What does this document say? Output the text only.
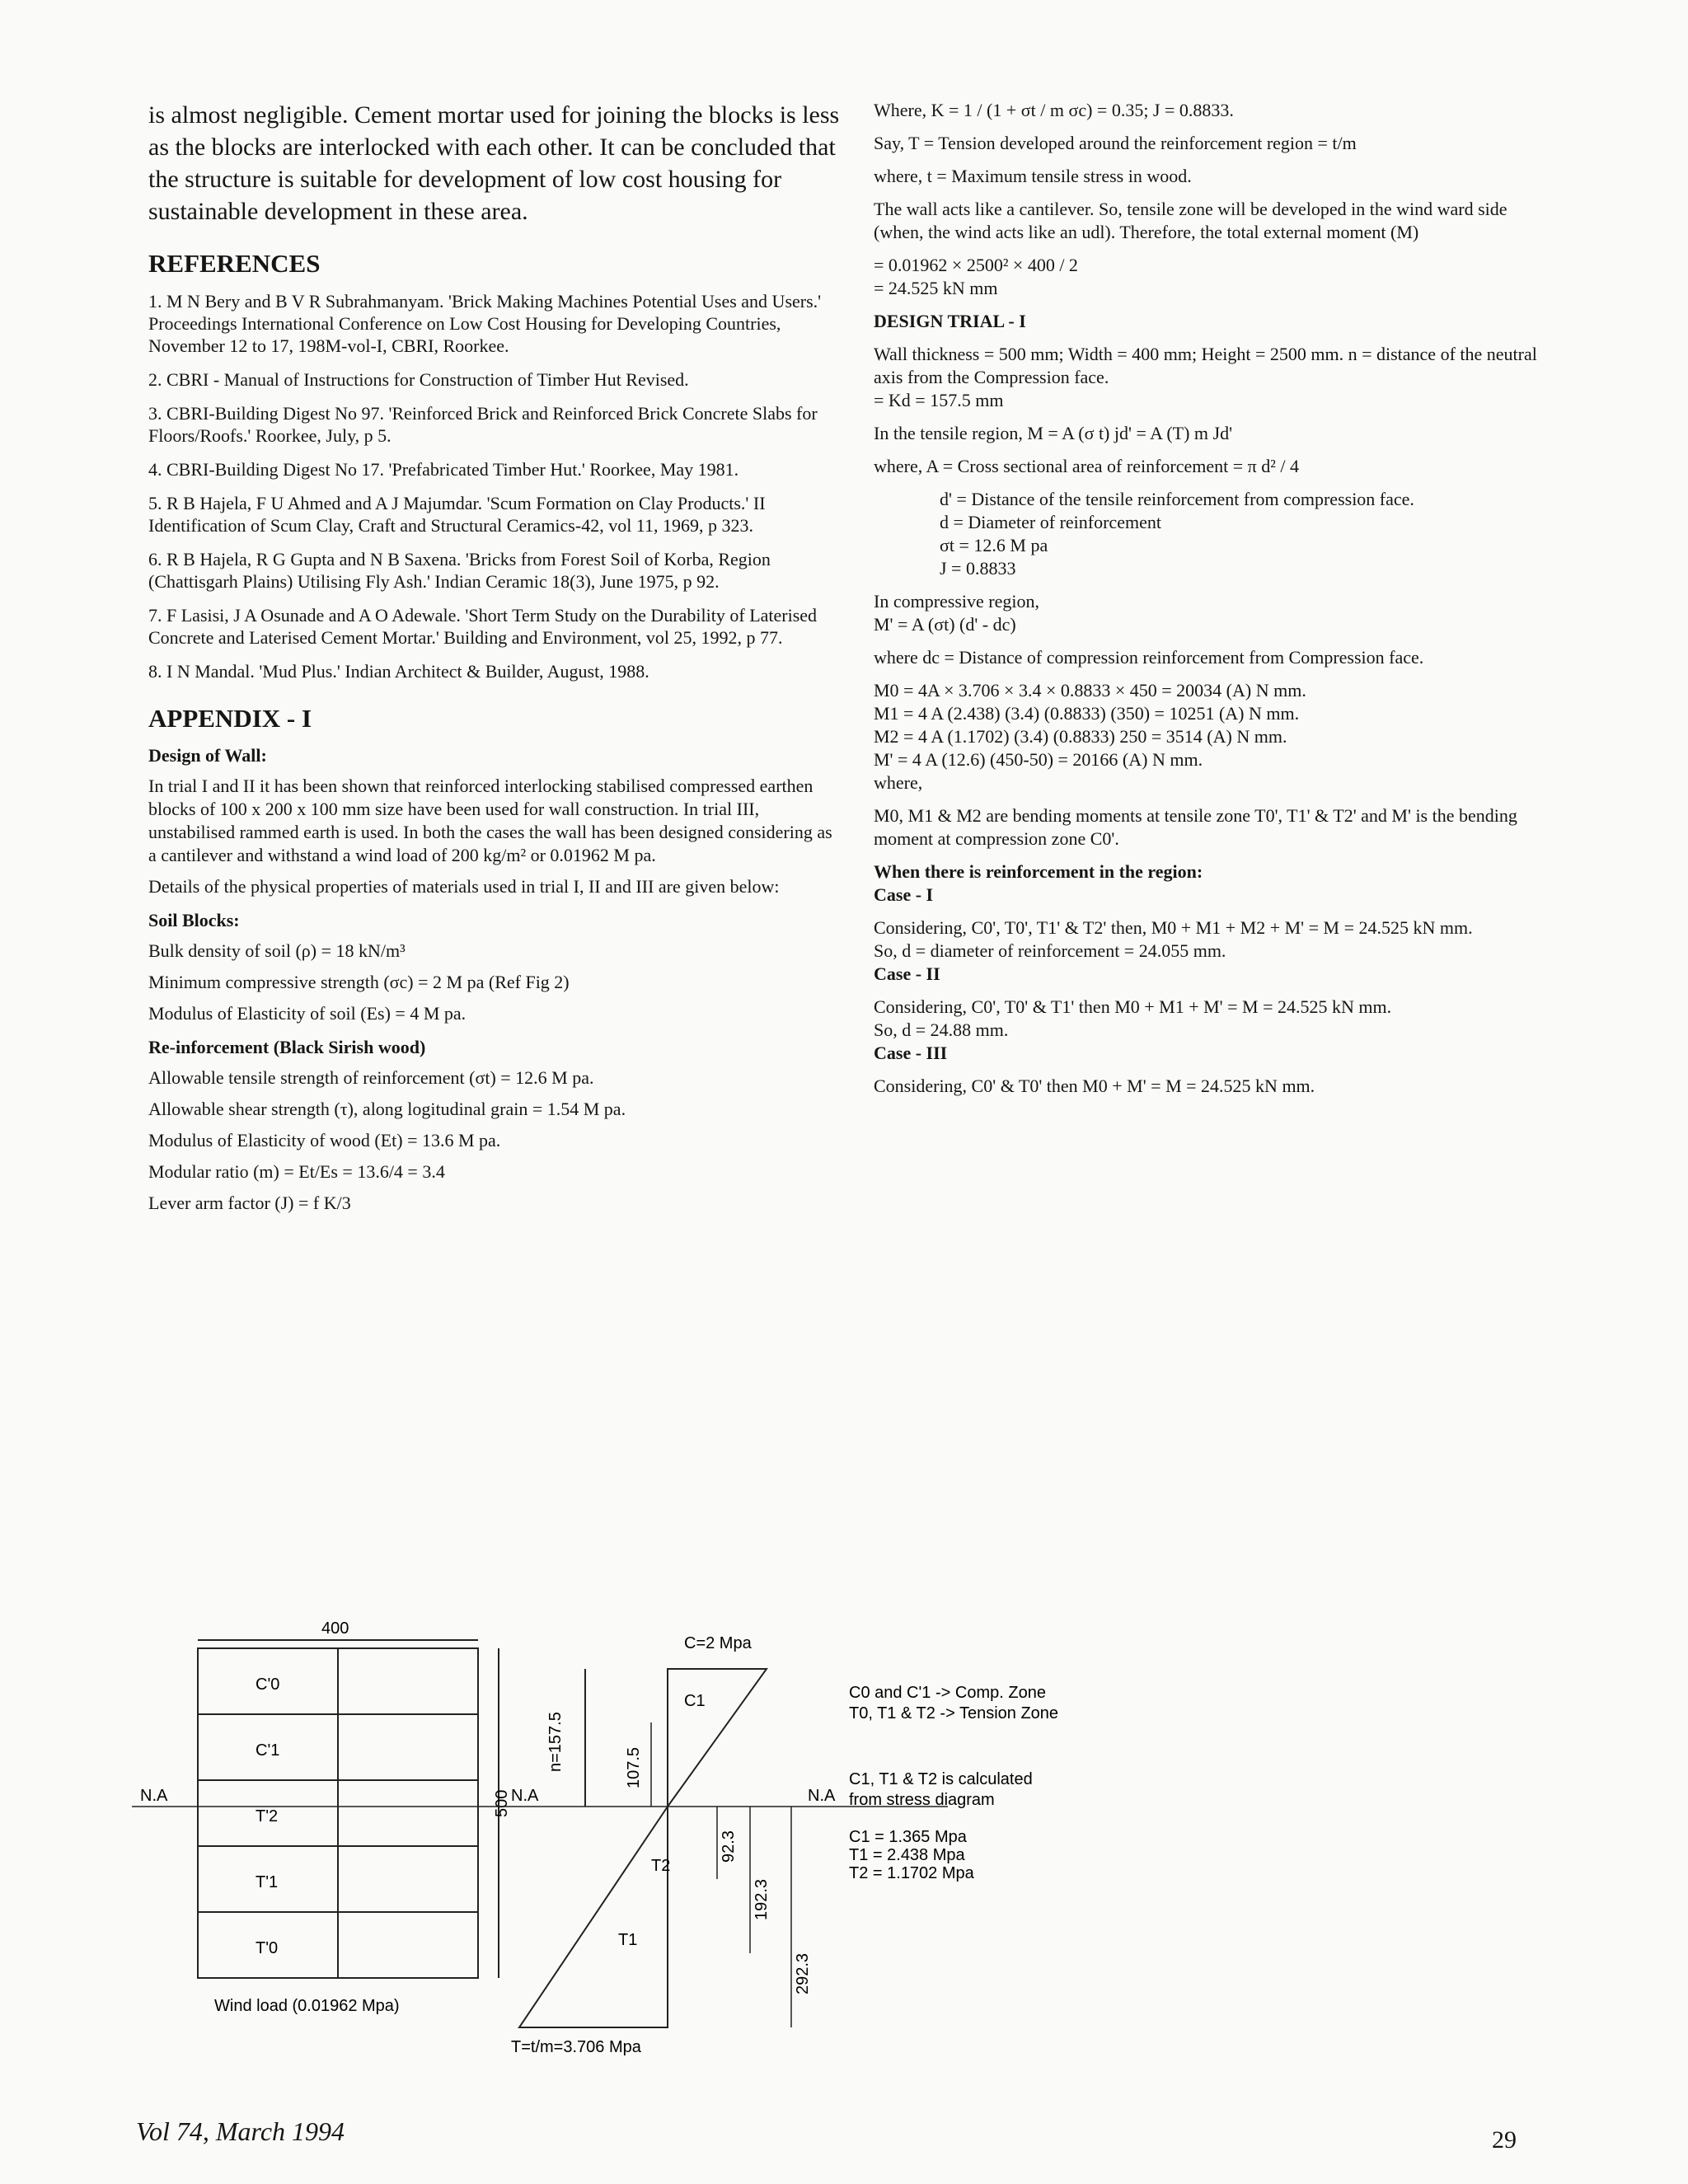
is almost negligible. Cement mortar used for joining the blocks is less as the blocks are interlocked with each other. It can be concluded that the structure is suitable for development of low cost housing for sustainable development in these area.

REFERENCES

1. M N Bery and B V R Subrahmanyam. 'Brick Making Machines Potential Uses and Users.' Proceedings International Conference on Low Cost Housing for Developing Countries, November 12 to 17, 198M-vol-I, CBRI, Roorkee.

2. CBRI - Manual of Instructions for Construction of Timber Hut Revised.

3. CBRI-Building Digest No 97. 'Reinforced Brick and Reinforced Brick Concrete Slabs for Floors/Roofs.' Roorkee, July, p 5.

4. CBRI-Building Digest No 17. 'Prefabricated Timber Hut.' Roorkee, May 1981.

5. R B Hajela, F U Ahmed and A J Majumdar. 'Scum Formation on Clay Products.' II Identification of Scum Clay, Craft and Structural Ceramics-42, vol 11, 1969, p 323.

6. R B Hajela, R G Gupta and N B Saxena. 'Bricks from Forest Soil of Korba, Region (Chattisgarh Plains) Utilising Fly Ash.' Indian Ceramic 18(3), June 1975, p 92.

7. F Lasisi, J A Osunade and A O Adewale. 'Short Term Study on the Durability of Laterised Concrete and Laterised Cement Mortar.' Building and Environment, vol 25, 1992, p 77.

8. I N Mandal. 'Mud Plus.' Indian Architect & Builder, August, 1988.

APPENDIX - I
Design of Wall:

In trial I and II it has been shown that reinforced interlocking stabilised compressed earthen blocks of 100 x 200 x 100 mm size have been used for wall construction. In trial III, unstabilised rammed earth is used. In both the cases the wall has been designed considering as a cantilever and withstand a wind load of 200 kg/m² or 0.01962 M pa.

Details of the physical properties of materials used in trial I, II and III are given below:

Soil Blocks:

Bulk density of soil (ρ) = 18 kN/m³

Minimum compressive strength (σc) = 2 M pa (Ref Fig 2)

Modulus of Elasticity of soil (Es) = 4 M pa.

Re-inforcement (Black Sirish wood)

Allowable tensile strength of reinforcement (σt) = 12.6 M pa.

Allowable shear strength (τ), along logitudinal grain = 1.54 M pa.

Modulus of Elasticity of wood (Et) = 13.6 M pa.

Modular ratio (m) = Et/Es = 13.6/4 = 3.4

Lever arm factor (J) = f K/3

Where, K = 1 / (1 + σt / m σc) = 0.35; J = 0.8833.

Say, T = Tension developed around the reinforcement region = t/m

where, t = Maximum tensile stress in wood.

The wall acts like a cantilever. So, tensile zone will be developed in the wind ward side (when, the wind acts like an udl). Therefore, the total external moment (M)

= 0.01962 × 2500² × 400 / 2

= 24.525 kN mm

DESIGN TRIAL - I

Wall thickness = 500 mm; Width = 400 mm; Height = 2500 mm. n = distance of the neutral axis from the Compression face.

= Kd = 157.5 mm

In the tensile region, M = A (σ t) jd' = A (T) m Jd'

where, A = Cross sectional area of reinforcement = π d² / 4

d' = Distance of the tensile reinforcement from compression face.

d = Diameter of reinforcement

σt = 12.6 M pa

J = 0.8833

In compressive region,

M' = A (σt) (d' - dc)

where dc = Distance of compression reinforcement from Compression face.

M0 = 4A × 3.706 × 3.4 × 0.8833 × 450 = 20034 (A) N mm.

M1 = 4 A (2.438) (3.4) (0.8833) (350) = 10251 (A) N mm.

M2 = 4 A (1.1702) (3.4) (0.8833) 250 = 3514 (A) N mm.

M' = 4 A (12.6) (450-50) = 20166 (A) N mm.

where,

M0, M1 & M2 are bending moments at tensile zone T0', T1' & T2' and M' is the bending moment at compression zone C0'.

When there is reinforcement in the region:

Case - I

Considering, C0', T0', T1' & T2' then, M0 + M1 + M2 + M' = M = 24.525 kN mm.

So, d = diameter of reinforcement = 24.055 mm.

Case - II

Considering, C0', T0' & T1' then M0 + M1 + M' = M = 24.525 kN mm.

So, d = 24.88 mm.

Case - III

Considering, C0' & T0' then M0 + M' = M = 24.525 kN mm.

400
C'0
C'1
T'2
T'1
T'0
500
N.A	N.A	N.A
n=157.5
C=2 Mpa
T=t/m=3.706 Mpa
C1
T2
T1
107.5
92.3
192.3
292.3
Wind load (0.01962 Mpa)
C0 and C'1 -> Comp. Zone
T0, T1 & T2 -> Tension Zone
C1, T1 & T2 is calculated
from stress diagram
C1 = 1.365 Mpa
T1 = 2.438 Mpa
T2 = 1.1702 Mpa
Vol 74, March 1994	29
